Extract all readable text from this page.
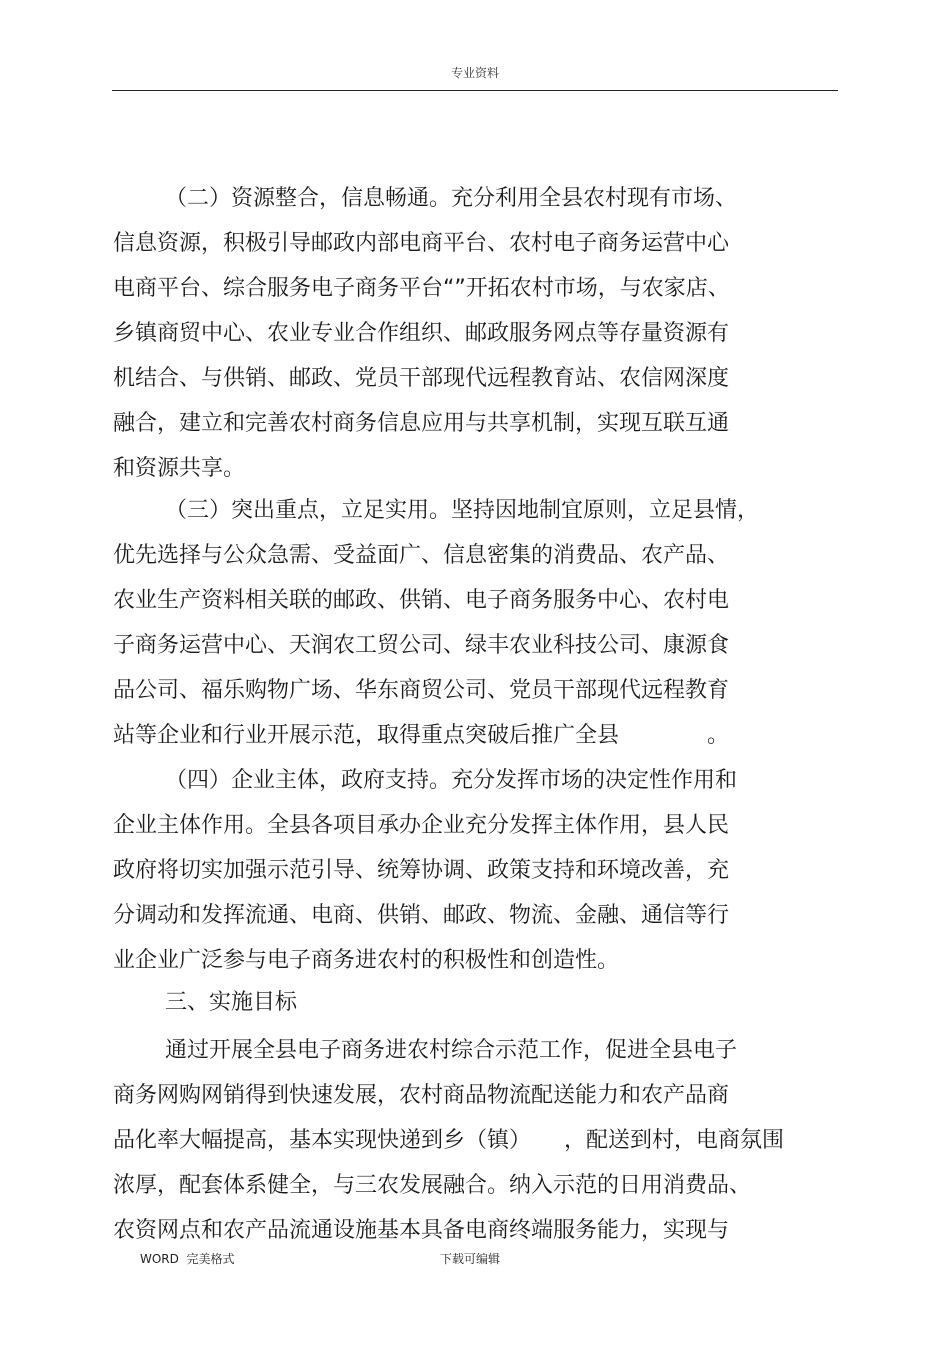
专业资料
（二）资源整合，信息畅通。充分利用全县农村现有市场、
信息资源，积极引导邮政内部电商平台、农村电子商务运营中心
电商平台、综合服务电子商务平台“”开拓农村市场，与农家店、
乡镇商贸中心、农业专业合作组织、邮政服务网点等存量资源有
机结合、与供销、邮政、党员干部现代远程教育站、农信网深度
融合，建立和完善农村商务信息应用与共享机制，实现互联互通
和资源共享。
（三）突出重点，立足实用。坚持因地制宜原则，立足县情，
优先选择与公众急需、受益面广、信息密集的消费品、农产品、
农业生产资料相关联的邮政、供销、电子商务服务中心、农村电
子商务运营中心、天润农工贸公司、绿丰农业科技公司、康源食
品公司、福乐购物广场、华东商贸公司、党员干部现代远程教育
站等企业和行业开展示范，取得重点突破后推广全县　　　　。
（四）企业主体，政府支持。充分发挥市场的决定性作用和
企业主体作用。全县各项目承办企业充分发挥主体作用，县人民
政府将切实加强示范引导、统筹协调、政策支持和环境改善，充
分调动和发挥流通、电商、供销、邮政、物流、金融、通信等行
业企业广泛参与电子商务进农村的积极性和创造性。
三、实施目标
通过开展全县电子商务进农村综合示范工作，促进全县电子
商务网购网销得到快速发展，农村商品物流配送能力和农产品商
品化率大幅提高，基本实现快递到乡（镇）　　，配送到村，电商氛围
浓厚，配套体系健全，与三农发展融合。纳入示范的日用消费品、
农资网点和农产品流通设施基本具备电商终端服务能力，实现与
WORD  完美格式	下载可编辑
